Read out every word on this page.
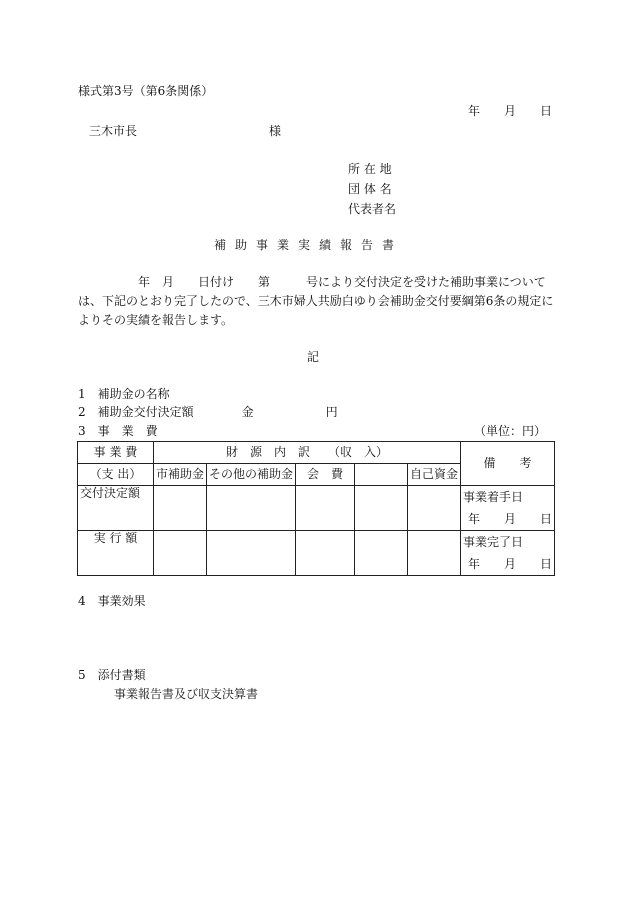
様式第3号（第6条関係）
年　　月　　日
三木市長　　　　　　　　　　　様
所 在 地
団 体 名
代表者名
補助事業実績報告書
年　月　　日付け　　第　　　号により交付決定を受けた補助事業について
は、下記のとおり完了したので、三木市婦人共励白ゆり会補助金交付要綱第6条の規定に
よりその実績を報告します。
記
1　補助金の名称
2　補助金交付決定額　　　　金　　　　　　円
3　事　業　費	（単位：円）
事 業 費	財　源　内　訳　　（収　入）					備　　考
（支 出）	市補助金	その他の補助金	会　費		自己資金	
交付決定額						事業着手日
年　　月　　日

実 行 額						事業完了日
年　　月　　日
4　事業効果
5　添付書類
事業報告書及び収支決算書
